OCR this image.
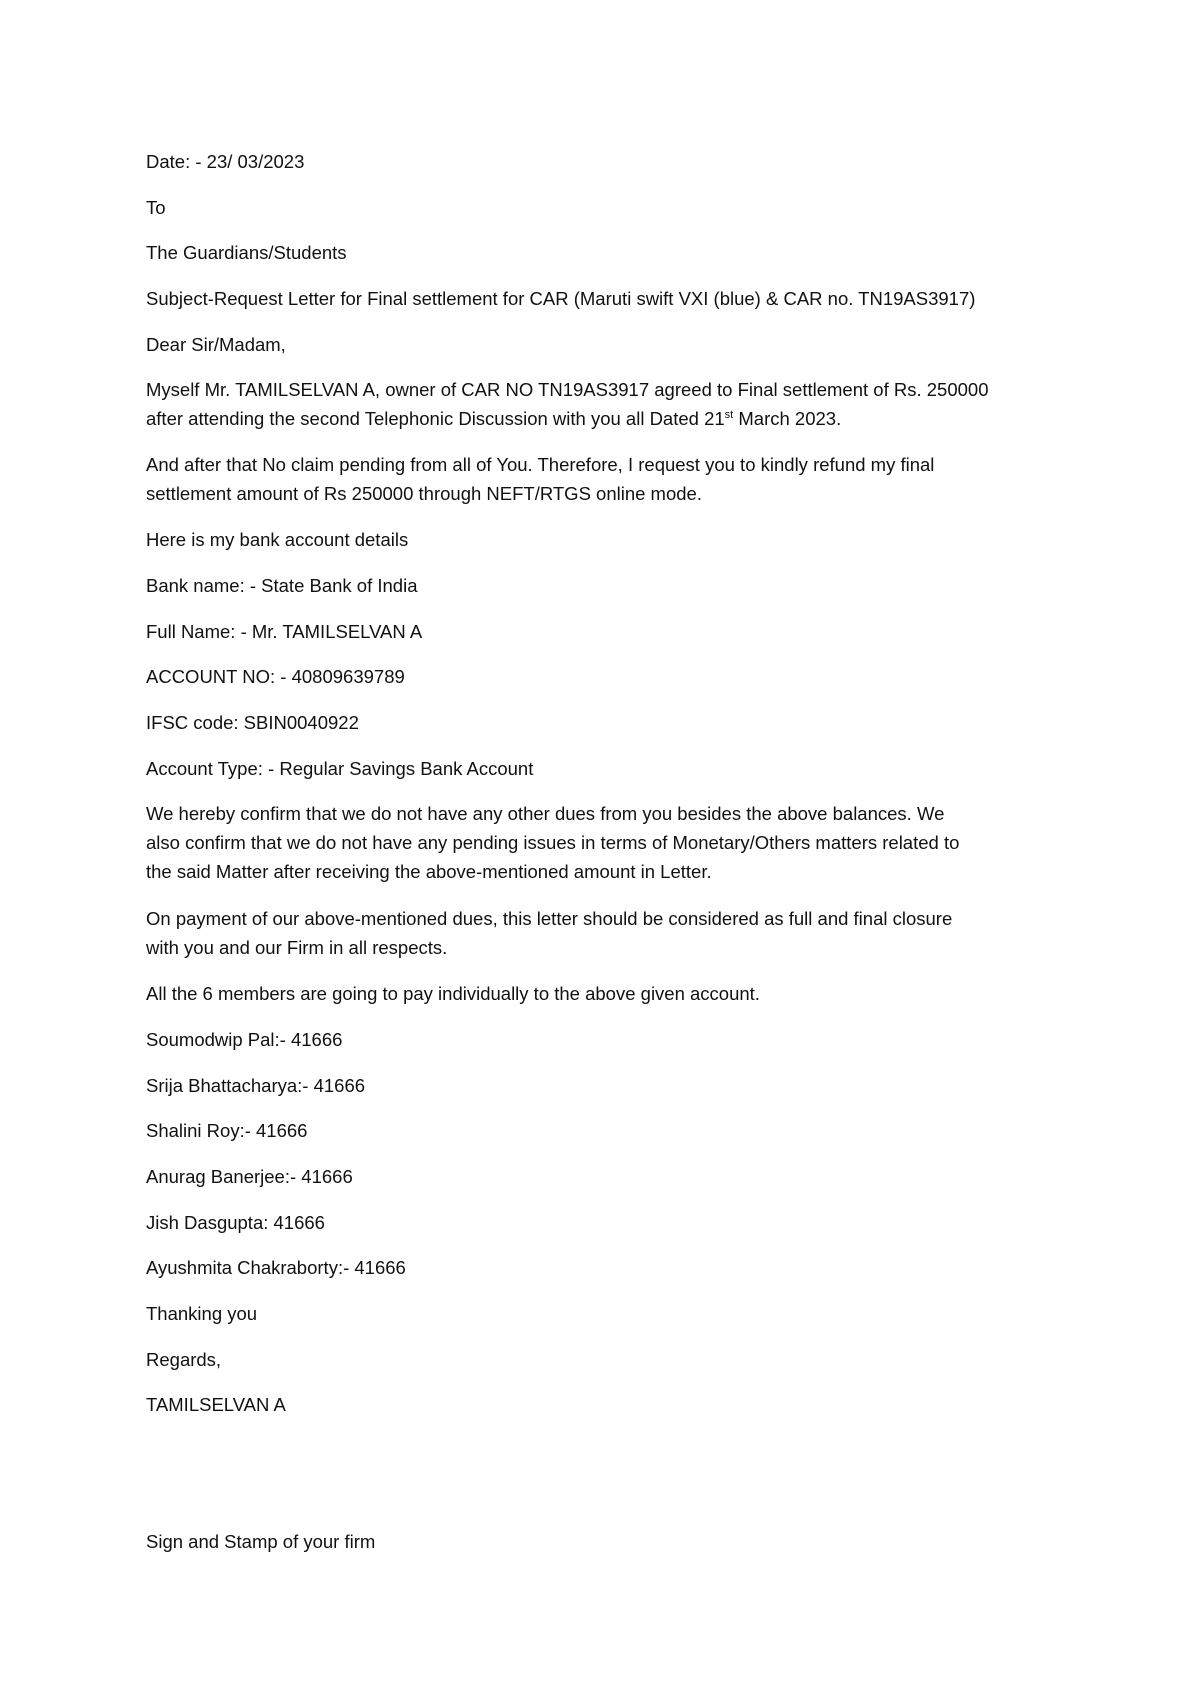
Date: - 23/ 03/2023

To

The Guardians/Students

Subject-Request Letter for Final settlement for CAR (Maruti swift VXI (blue) & CAR no. TN19AS3917)

Dear Sir/Madam,

Myself Mr. TAMILSELVAN A, owner of CAR NO TN19AS3917 agreed to Final settlement of Rs. 250000
after attending the second Telephonic Discussion with you all Dated 21st March 2023.
And after that No claim pending from all of You. Therefore, I request you to kindly refund my final
settlement amount of Rs 250000 through NEFT/RTGS online mode.

Here is my bank account details

Bank name: - State Bank of India

Full Name: - Mr. TAMILSELVAN A

ACCOUNT NO: - 40809639789

IFSC code: SBIN0040922

Account Type: - Regular Savings Bank Account

We hereby confirm that we do not have any other dues from you besides the above balances. We
also confirm that we do not have any pending issues in terms of Monetary/Others matters related to
the said Matter after receiving the above-mentioned amount in Letter.
On payment of our above-mentioned dues, this letter should be considered as full and final closure
with you and our Firm in all respects.

All the 6 members are going to pay individually to the above given account.

Soumodwip Pal:- 41666

Srija Bhattacharya:- 41666

Shalini Roy:- 41666

Anurag Banerjee:- 41666

Jish Dasgupta: 41666

Ayushmita Chakraborty:- 41666

Thanking you

Regards,

TAMILSELVAN A

Sign and Stamp of your firm
